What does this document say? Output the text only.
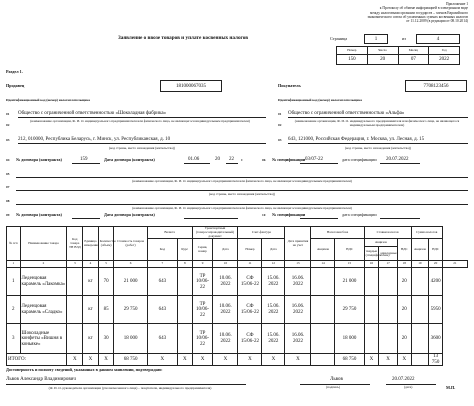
Приложение 1
к Протоколу об обмене информацией в электронном виде
между налоговыми органами государств – членов Евразийского
экономического союза об уплаченных суммах косвенных налогов
от 11.12.2009 (в редакции от 08.10.2014)
Заявление о ввозе товаров и уплате косвенных налогов	Страница	1	из	4
Номер	Число	Месяц	Год
150	20	07	2022
Раздел 1.
Продавец	181000067035	Покупатель	7708123456
Идентификационный код (номер) налогоплательщика	Идентификационный код (номер) налогоплательщика
01 Общество с ограниченной ответственностью «Шоколадная фабрика»	01 Общество с ограниченной ответственностью «Альфа»
(наименование организации, Ф. И. О. индивидуального предпринимателя или физического лица, не являющегося индивидуальным предпринимателем)	(наименование организации, Ф. И. О. индивидуального предпринимателя или физического лица, не являющегося индивидуальным предпринимателем)
02	02
03 212, 010000, Республика Беларусь, г. Минск, ул. Республиканская, д. 10	03 643, 121000, Российская Федерация, г. Москва, ул. Лесная, д. 15
(код страны, место нахождения (жительства))	(код страны, место нахождения (жительства))
04 № договора (контракта)	159	Дата договора (контракта)	01.06	20 22 г.	06 № спецификации 03/07-22	дата спецификации 20.07.2022
05
(наименование организации, Ф. И. О. индивидуального предпринимателя или физического лица, не являющегося индивидуальным предпринимателем)
07
(код страны, место нахождения (жительства))
08
(наименование организации, Ф. И. О. индивидуального предпринимателя или физического лица, не являющегося индивидуальным предпринимателем)
09 № договора (контракта)	Дата договора (контракта)	10 № спецификации	дата спецификации
№ п/п	Наименование товара	Код товара ТН ВЭД	Единица измерения	Количество (объем)	Стоимость товаров (работ)	Валюта		Транспортный (товаросопроводительный) документ		Счет-фактура		Дата принятия на учет	Налоговая база		Ставки налогов			Сумма налогов	
						Код	Курс	Серия, номер	Дата	Номер	Дата		Акцизов	НДС	Акцизов		НДС	Акцизов	НДС	
															твердые (специфические)	адвалорные				
1	2	3	4	5	6	7	8	9	10	11	12	13	14	15	16	17	18	19	20	21
1	Леденцовая карамель «Лакомка»		кг	70	21 000	643		ТР 10/06-22	10.06. 2022	СФ 15/06-22	15.06. 2022	16.06. 2022		21 000			20		4200
2	Леденцовая карамель «Сладко»		кг	85	29 750	643		ТР 10/06-22	10.06. 2022	СФ 15/06-22	15.06. 2022	16.06. 2022		29 750			20		5950
3	Шоколадные конфеты «Вишня в коньяке»		кг	30	18 000	643		ТР 10/06-22	10.06. 2022	СФ 15/06-22	15.06. 2022	16.06. 2022		18 000			20		3600
ИТОГО:		X	X	X	68 750	X	X	X	X	X	X	X		68 750	X	X	X		13 750
Достоверность и полноту сведений, указанных в данном заявлении, подтверждаю:
Львов Александр Владимирович
(Ф. И. О. руководителя организации (уполномоченного лица) – покупателя, индивидуального предпринимателя)
Львов
(подпись)
20.07.2022
(дата)	М.П.
